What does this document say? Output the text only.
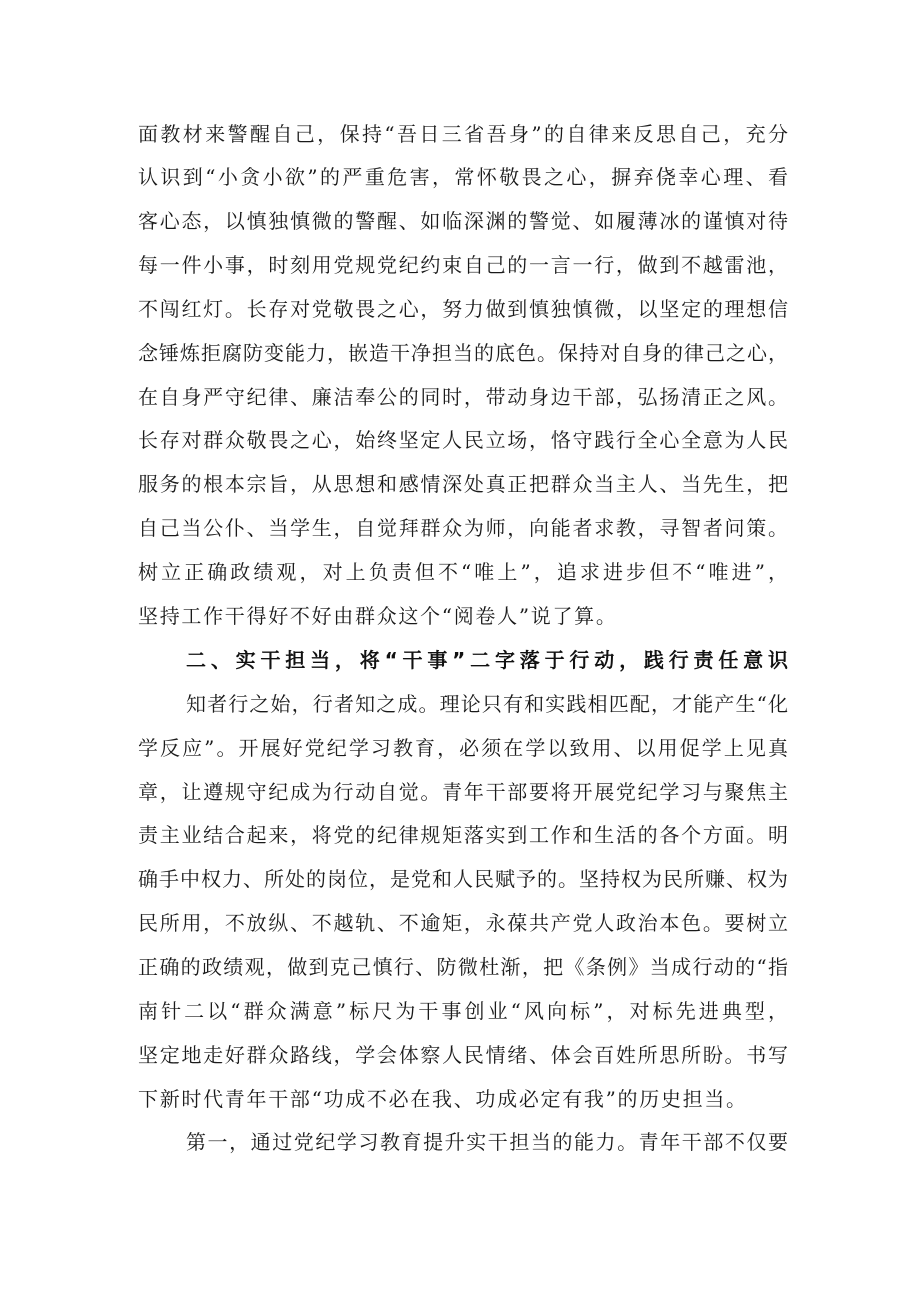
面教材来警醒自己，保持“吾日三省吾身”的自律来反思自己，充分
认识到“小贪小欲”的严重危害，常怀敬畏之心，摒弃侥幸心理、看
客心态，以慎独慎微的警醒、如临深渊的警觉、如履薄冰的谨慎对待
每一件小事，时刻用党规党纪约束自己的一言一行，做到不越雷池，
不闯红灯。长存对党敬畏之心，努力做到慎独慎微，以坚定的理想信
念锤炼拒腐防变能力，嵌造干净担当的底色。保持对自身的律己之心，
在自身严守纪律、廉洁奉公的同时，带动身边干部，弘扬清正之风。
长存对群众敬畏之心，始终坚定人民立场，恪守践行全心全意为人民
服务的根本宗旨，从思想和感情深处真正把群众当主人、当先生，把
自己当公仆、当学生，自觉拜群众为师，向能者求教，寻智者问策。
树立正确政绩观，对上负责但不“唯上”，追求进步但不“唯进”，
坚持工作干得好不好由群众这个“阅卷人”说了算。
二、实干担当，将“干事”二字落于行动，践行责任意识
知者行之始，行者知之成。理论只有和实践相匹配，才能产生“化
学反应”。开展好党纪学习教育，必须在学以致用、以用促学上见真
章，让遵规守纪成为行动自觉。青年干部要将开展党纪学习与聚焦主
责主业结合起来，将党的纪律规矩落实到工作和生活的各个方面。明
确手中权力、所处的岗位，是党和人民赋予的。坚持权为民所赚、权为
民所用，不放纵、不越轨、不逾矩，永葆共产党人政治本色。要树立
正确的政绩观，做到克己慎行、防微杜渐，把《条例》当成行动的“指
南针二以“群众满意”标尺为干事创业“风向标”，对标先进典型，
坚定地走好群众路线，学会体察人民情绪、体会百姓所思所盼。书写
下新时代青年干部“功成不必在我、功成必定有我”的历史担当。
第一，通过党纪学习教育提升实干担当的能力。青年干部不仅要
